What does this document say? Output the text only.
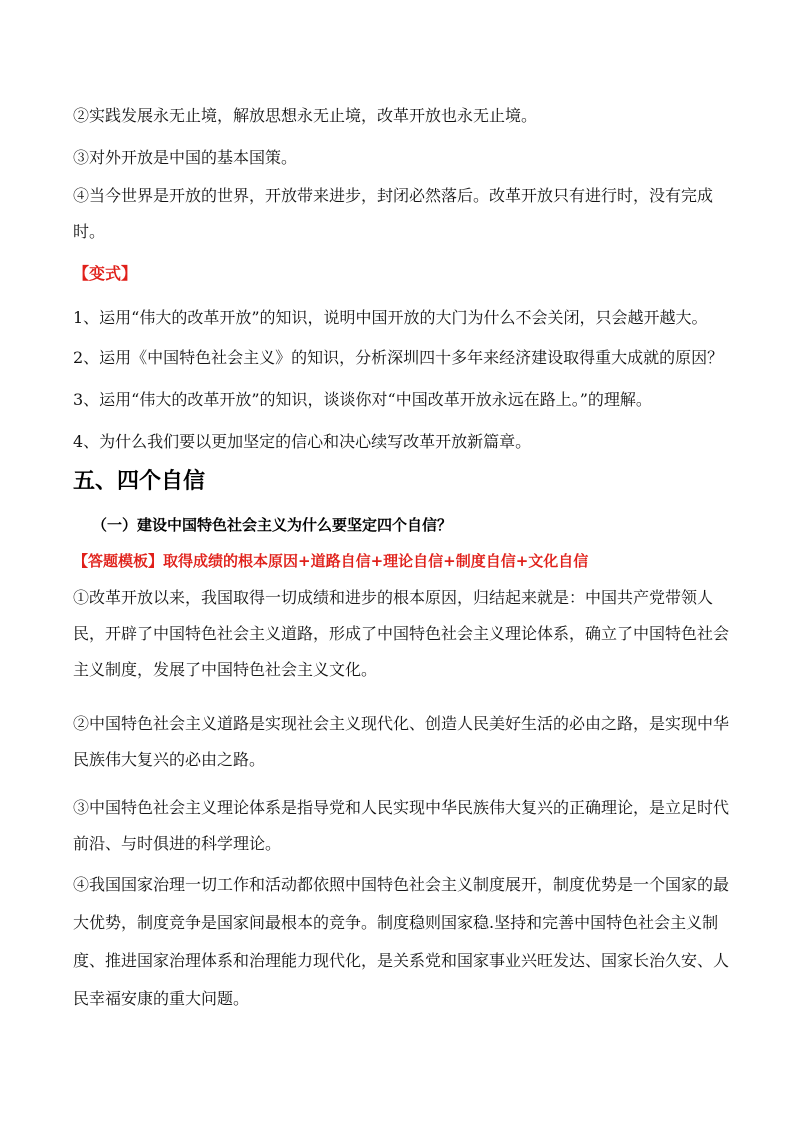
②实践发展永无止境，解放思想永无止境，改革开放也永无止境。
③对外开放是中国的基本国策。
④当今世界是开放的世界，开放带来进步，封闭必然落后。改革开放只有进行时，没有完成时。
【变式】
1、运用“伟大的改革开放”的知识，说明中国开放的大门为什么不会关闭，只会越开越大。
2、运用《中国特色社会主义》的知识，分析深圳四十多年来经济建设取得重大成就的原因？
3、运用“伟大的改革开放”的知识，谈谈你对“中国改革开放永远在路上。”的理解。
4、为什么我们要以更加坚定的信心和决心续写改革开放新篇章。
五、四个自信
（一）建设中国特色社会主义为什么要坚定四个自信？
【答题模板】取得成绩的根本原因+道路自信+理论自信+制度自信+文化自信
①改革开放以来，我国取得一切成绩和进步的根本原因，归结起来就是：中国共产党带领人民，开辟了中国特色社会主义道路，形成了中国特色社会主义理论体系，确立了中国特色社会主义制度，发展了中国特色社会主义文化。
②中国特色社会主义道路是实现社会主义现代化、创造人民美好生活的必由之路，是实现中华民族伟大复兴的必由之路。
③中国特色社会主义理论体系是指导党和人民实现中华民族伟大复兴的正确理论，是立足时代前沿、与时俱进的科学理论。
④我国国家治理一切工作和活动都依照中国特色社会主义制度展开，制度优势是一个国家的最大优势，制度竞争是国家间最根本的竞争。制度稳则国家稳.坚持和完善中国特色社会主义制度、推进国家治理体系和治理能力现代化，是关系党和国家事业兴旺发达、国家长治久安、人民幸福安康的重大问题。
